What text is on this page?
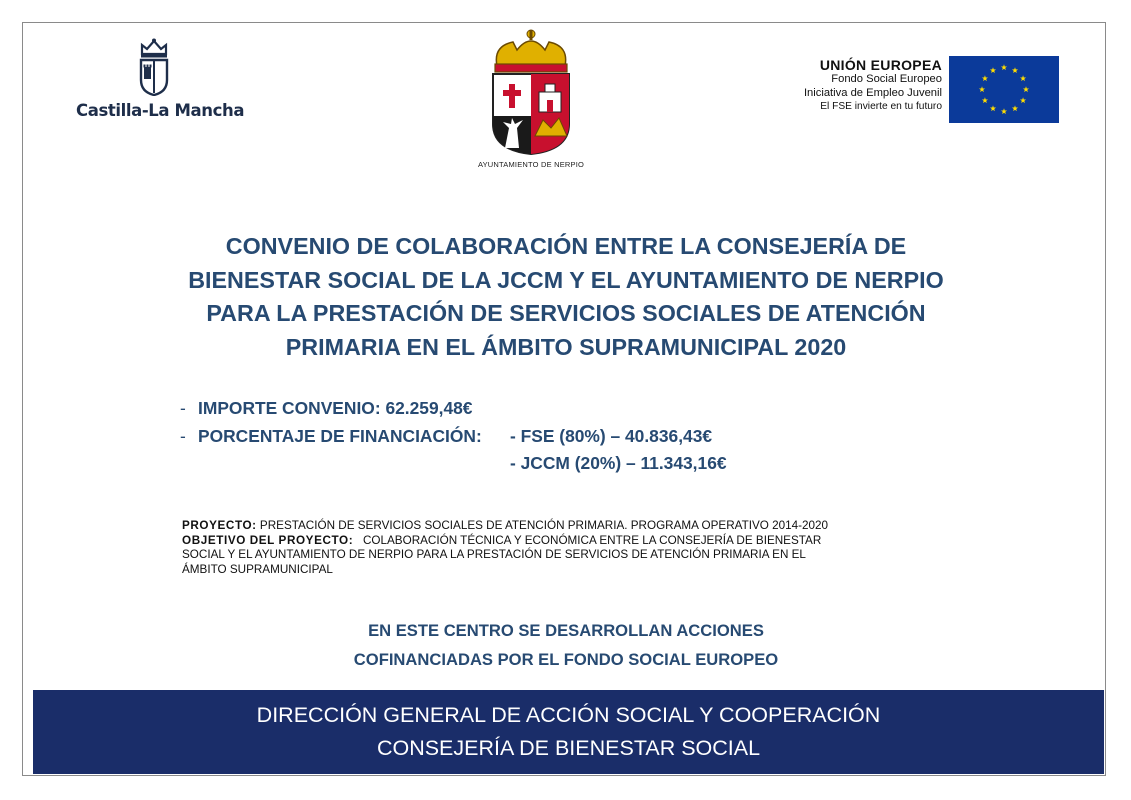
Castilla-La Mancha
AYUNTAMIENTO DE NERPIO
UNIÓN EUROPEA
Fondo Social Europeo
Iniciativa de Empleo Juvenil
El FSE invierte en tu futuro
CONVENIO DE COLABORACIÓN ENTRE LA CONSEJERÍA DE
BIENESTAR SOCIAL DE LA JCCM Y EL AYUNTAMIENTO DE NERPIO
PARA LA PRESTACIÓN DE SERVICIOS SOCIALES DE ATENCIÓN
PRIMARIA EN EL ÁMBITO SUPRAMUNICIPAL 2020
- IMPORTE CONVENIO: 62.259,48€
- PORCENTAJE DE FINANCIACIÓN: - FSE (80%) – 40.836,43€
- JCCM (20%) – 11.343,16€
PROYECTO: PRESTACIÓN DE SERVICIOS SOCIALES DE ATENCIÓN PRIMARIA. PROGRAMA OPERATIVO 2014-2020
OBJETIVO DEL PROYECTO:   COLABORACIÓN TÉCNICA Y ECONÓMICA ENTRE LA CONSEJERÍA DE BIENESTAR
SOCIAL Y EL AYUNTAMIENTO DE NERPIO PARA LA PRESTACIÓN DE SERVICIOS DE ATENCIÓN PRIMARIA EN EL
ÁMBITO SUPRAMUNICIPAL
EN ESTE CENTRO SE DESARROLLAN ACCIONES
COFINANCIADAS POR EL FONDO SOCIAL EUROPEO
DIRECCIÓN GENERAL DE ACCIÓN SOCIAL Y COOPERACIÓN
CONSEJERÍA DE BIENESTAR SOCIAL
